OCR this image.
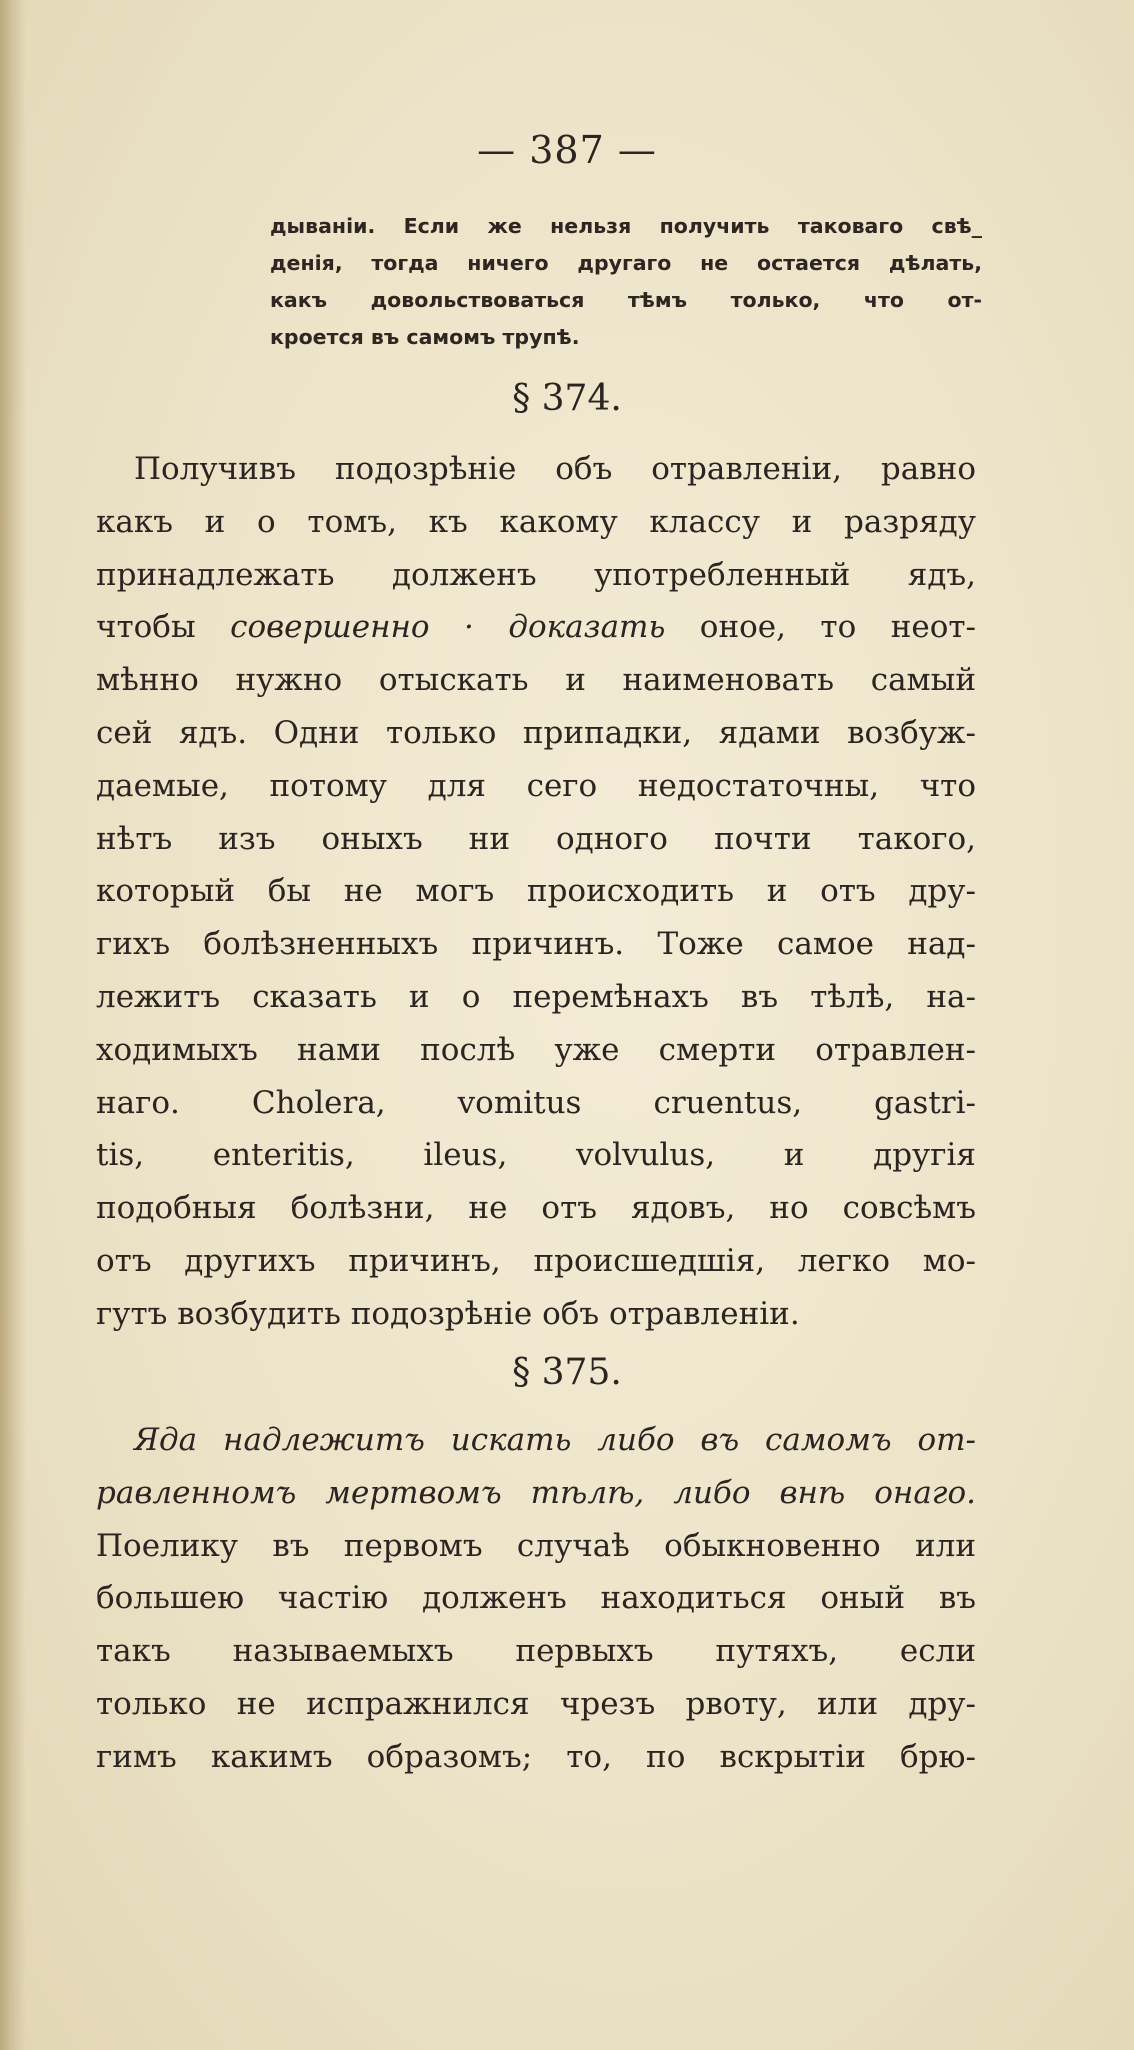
— 387 —
дываніи. Если же нельзя получить таковаго свѣ_
денія, тогда ничего другаго не остается дѣлать,
какъ довольствоваться тѣмъ только, что от-
кроется въ самомъ трупѣ.
§ 374.
Получивъ подозрѣніе объ отравленіи, равно
какъ и о томъ, къ какому классу и разряду
принадлежать долженъ употребленный ядъ,
чтобы совершенно · доказать оное, то неот-
мѣнно нужно отыскать и наименовать самый
сей ядъ. Одни только припадки, ядами возбуж-
даемые, потому для сего недостаточны, что
нѣтъ изъ оныхъ ни одного почти такого,
который бы не могъ происходить и отъ дру-
гихъ болѣзненныхъ причинъ. Тоже самое над-
лежитъ сказать и о перемѣнахъ въ тѣлѣ, на-
ходимыхъ нами послѣ уже смерти отравлен-
наго. Cholera, vomitus cruentus, gastri-
tis, enteritis, ileus, volvulus, и другія
подобныя болѣзни, не отъ ядовъ, но совсѣмъ
отъ другихъ причинъ, происшедшія, легко мо-
гутъ возбудить подозрѣніе объ отравленіи.
§ 375.
Яда надлежитъ искать либо въ самомъ от-
равленномъ мертвомъ тѣлѣ, либо внѣ онаго.
Поелику въ первомъ случаѣ обыкновенно или
большею частію долженъ находиться оный въ
такъ называемыхъ первыхъ путяхъ, если
только не испражнился чрезъ рвоту, или дру-
гимъ какимъ образомъ; то, по вскрытіи брю-
